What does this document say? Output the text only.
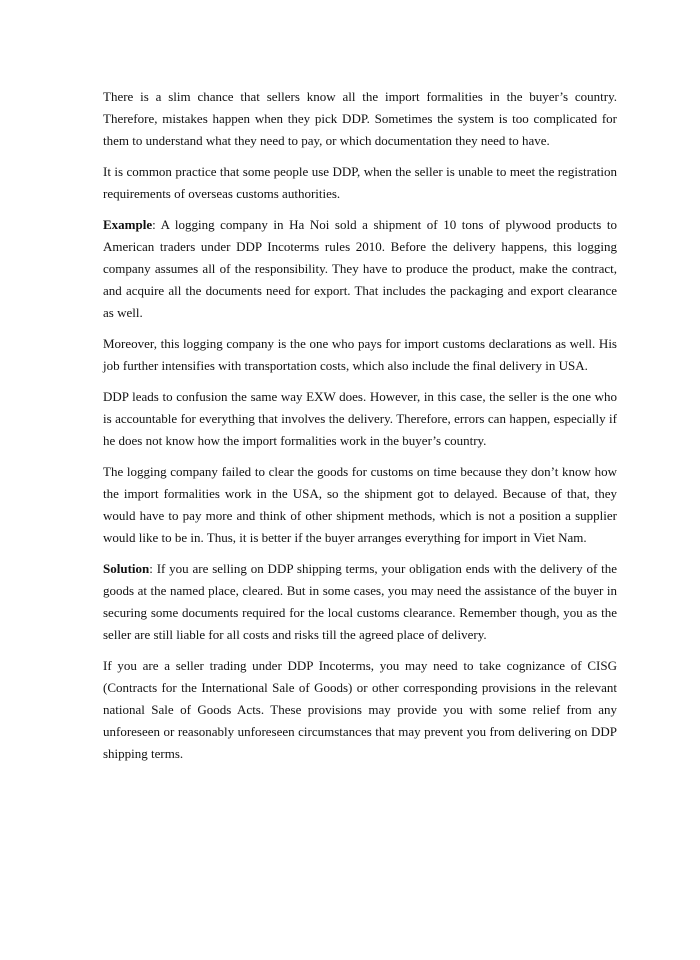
There is a slim chance that sellers know all the import formalities in the buyer’s country. Therefore, mistakes happen when they pick DDP. Sometimes the system is too complicated for them to understand what they need to pay, or which documentation they need to have.

It is common practice that some people use DDP, when the seller is unable to meet the registration requirements of overseas customs authorities.

Example: A logging company in Ha Noi sold a shipment of 10 tons of plywood products to American traders under DDP Incoterms rules 2010. Before the delivery happens, this logging company assumes all of the responsibility. They have to produce the product, make the contract, and acquire all the documents need for export. That includes the packaging and export clearance as well.

Moreover, this logging company is the one who pays for import customs declarations as well. His job further intensifies with transportation costs, which also include the final delivery in USA.

DDP leads to confusion the same way EXW does. However, in this case, the seller is the one who is accountable for everything that involves the delivery. Therefore, errors can happen, especially if he does not know how the import formalities work in the buyer’s country.

The logging company failed to clear the goods for customs on time because they don’t know how the import formalities work in the USA, so the shipment got to delayed. Because of that, they would have to pay more and think of other shipment methods, which is not a position a supplier would like to be in. Thus, it is better if the buyer arranges everything for import in Viet Nam.

Solution: If you are selling on DDP shipping terms, your obligation ends with the delivery of the goods at the named place, cleared. But in some cases, you may need the assistance of the buyer in securing some documents required for the local customs clearance. Remember though, you as the seller are still liable for all costs and risks till the agreed place of delivery.

If you are a seller trading under DDP Incoterms, you may need to take cognizance of CISG (Contracts for the International Sale of Goods) or other corresponding provisions in the relevant national Sale of Goods Acts. These provisions may provide you with some relief from any unforeseen or reasonably unforeseen circumstances that may prevent you from delivering on DDP shipping terms.
